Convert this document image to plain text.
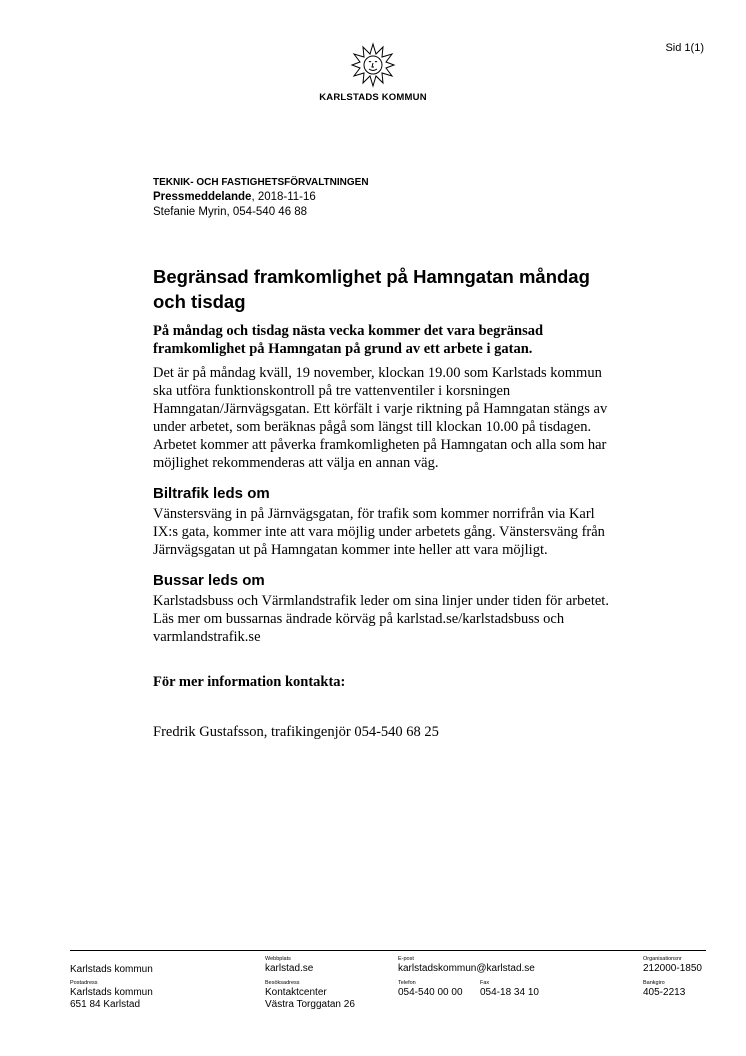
Sid 1(1)
KARLSTADS KOMMUN
TEKNIK- OCH FASTIGHETSFÖRVALTNINGEN
Pressmeddelande, 2018-11-16
Stefanie Myrin, 054-540 46 88
Begränsad framkomlighet på Hamngatan måndag och tisdag

På måndag och tisdag nästa vecka kommer det vara begränsad framkomlighet på Hamngatan på grund av ett arbete i gatan.

Det är på måndag kväll, 19 november, klockan 19.00 som Karlstads kommun ska utföra funktionskontroll på tre vattenventiler i korsningen Hamngatan/Järnvägsgatan. Ett körfält i varje riktning på Hamngatan stängs av under arbetet, som beräknas pågå som längst till klockan 10.00 på tisdagen. Arbetet kommer att påverka framkomligheten på Hamngatan och alla som har möjlighet rekommenderas att välja en annan väg.

Biltrafik leds om

Vänstersväng in på Järnvägsgatan, för trafik som kommer norrifrån via Karl IX:s gata, kommer inte att vara möjlig under arbetets gång. Vänstersväng från Järnvägsgatan ut på Hamngatan kommer inte heller att vara möjligt.

Bussar leds om

Karlstadsbuss och Värmlandstrafik leder om sina linjer under tiden för arbetet. Läs mer om bussarnas ändrade körväg på karlstad.se/karlstadsbuss och varmlandstrafik.se

För mer information kontakta:

Fredrik Gustafsson, trafikingenjör 054-540 68 25

Karlstads kommun
Webbplats
karlstad.se
E-post
karlstadskommun@karlstad.se
Organisationsnr
212000-1850
Postadress
Karlstads kommun
651 84 Karlstad
Besöksadress
Kontaktcenter
Västra Torggatan 26
Telefon
054-540 00 00
Fax
054-18 34 10
Bankgiro
405-2213
